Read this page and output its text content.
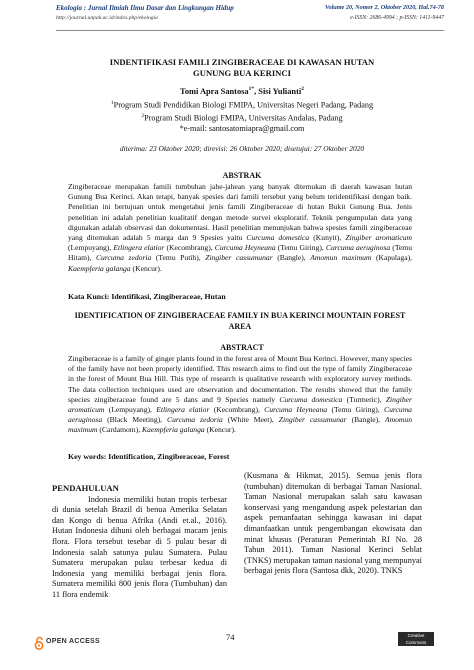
Ekologia : Jurnal Ilmiah Ilmu Dasar dan Lingkungan Hidup
http://journal.unpak.ac.id/index.php/ekologia
Volume 20, Nomor 2, Oktober 2020, Hal.74-78
e-ISSN: 2686-4994 ; p-ISSN: 1411-9447
INDENTIFIKASI FAMILI ZINGIBERACEAE DI KAWASAN HUTAN
GUNUNG BUA KERINCI
Tomi Apra Santosa$^{1*}$, Sisi Yulianti$^2$
$^1$Program Studi Pendidikan Biologi FMIPA, Universitas Negeri Padang, Padang
$^2$Program Studi Biologi FMIPA, Universitas Andalas, Padang
*e-mail: santosatomiapra@gmail.com
diterima: 23 Oktober 2020; direvisi: 26 Oktober 2020; disetujui: 27 Oktober 2020
ABSTRAK
Zingiberaceae merupakan famili tumbuhan jahe-jahean yang banyak ditemukan di daerah kawasan hutan Gunung Bua Kerinci. Akan tetapi, banyak spesies dari famili tersebut yang belum teridentifikasi dengan baik. Penelitian ini bertujuan untuk mengetahui jenis famili Zingiberaceae di hutan Bukit Gunung Bua. Jenis penelitian ini adalah penelitian kualitatif dengan metode survei eksploratif. Teknik pengumpulan data yang digunakan adalah observasi dan dokumentasi. Hasil penelitian menunjukan bahwa spesies famili zingiberaceae yang ditemukan adalah 5 marga dan 9 Spesies yaitu Curcuma domestica (Kunyit), Zingiber aromaticum (Lempuyang), Etlingera elatior (Kecombrang), Curcuma Heyneana (Temu Giring), Curcuma aeruginosa (Temu Hitam), Curcuma zedoria (Temu Putih), Zingiber cassumunar (Bangle), Amomun maximum (Kapulaga), Kaempferia galanga (Kencur).
Kata Kunci: Identifikasi, Zingiberaceae, Hutan
IDENTIFICATION OF ZINGIBERACEAE FAMILY IN BUA KERINCI MOUNTAIN FOREST AREA
ABSTRACT
Zingiberaceae is a family of ginger plants found in the forest area of Mount Bua Kerinci. However, many species of the family have not been properly identified. This research aims to find out the type of family Zingiberaceae in the forest of Mount Bua Hill. This type of research is qualitative research with exploratory survey methods. The data collection techniques used are observation and documentation. The results showed that the family species zingiberaceae found are 5 dans and 9 Species namely Curcuma domestica (Turmeric), Zingiber aromaticum (Lempuyang), Etlingera elatior (Kecombrang), Curcuma Heyneana (Temu Giring), Curcuma aeruginosa (Black Meeting), Curcuma zedoria (White Meet), Zingiber cassumunar (Bangle), Amomun maximum (Cardamom), Kaempferia galanga (Kencur).
Key words: Identification, Zingiberaceae, Forest
PENDAHULUAN
Indonesia memiliki hutan tropis terbesar di dunia setelah Brazil di benua Amerika Selatan dan Kongo di benua Afrika (Andi et.al., 2016). Hutan Indonesia dihuni oleh berbagai macam jenis flora. Flora tersebut tesebar di 5 pulau besar di Indonesia salah satunya pulau Sumatera. Pulau Sumatera merupakan pulau terbesar kedua di Indonesia yang memiliki berbagai jenis flora. Sumatera memiliki 800 jenis flora (Tumbuhan) dan 11 flora endemik
(Kusmana & Hikmat, 2015). Semua jenis flora (tumbuhan) ditemukan di berbagai Taman Nasional. Taman Nasional merupakan salah satu kawasan konservasi yang mengandung aspek pelestarian dan aspek pemanfaatan sehingga kawasan ini dapat dimanfaatkan untuk pengembangan ekowisata dan minat khusus (Peraturan Pemerintah RI No. 28 Tahun 2011). Taman Nasional Kerinci Seblat (TNKS) merupakan taman nasional yang mempunyai berbagai jenis flora (Santosa dkk, 2020). TNKS
OPEN ACCESS	74	Creative Commons
○ ○ ○
